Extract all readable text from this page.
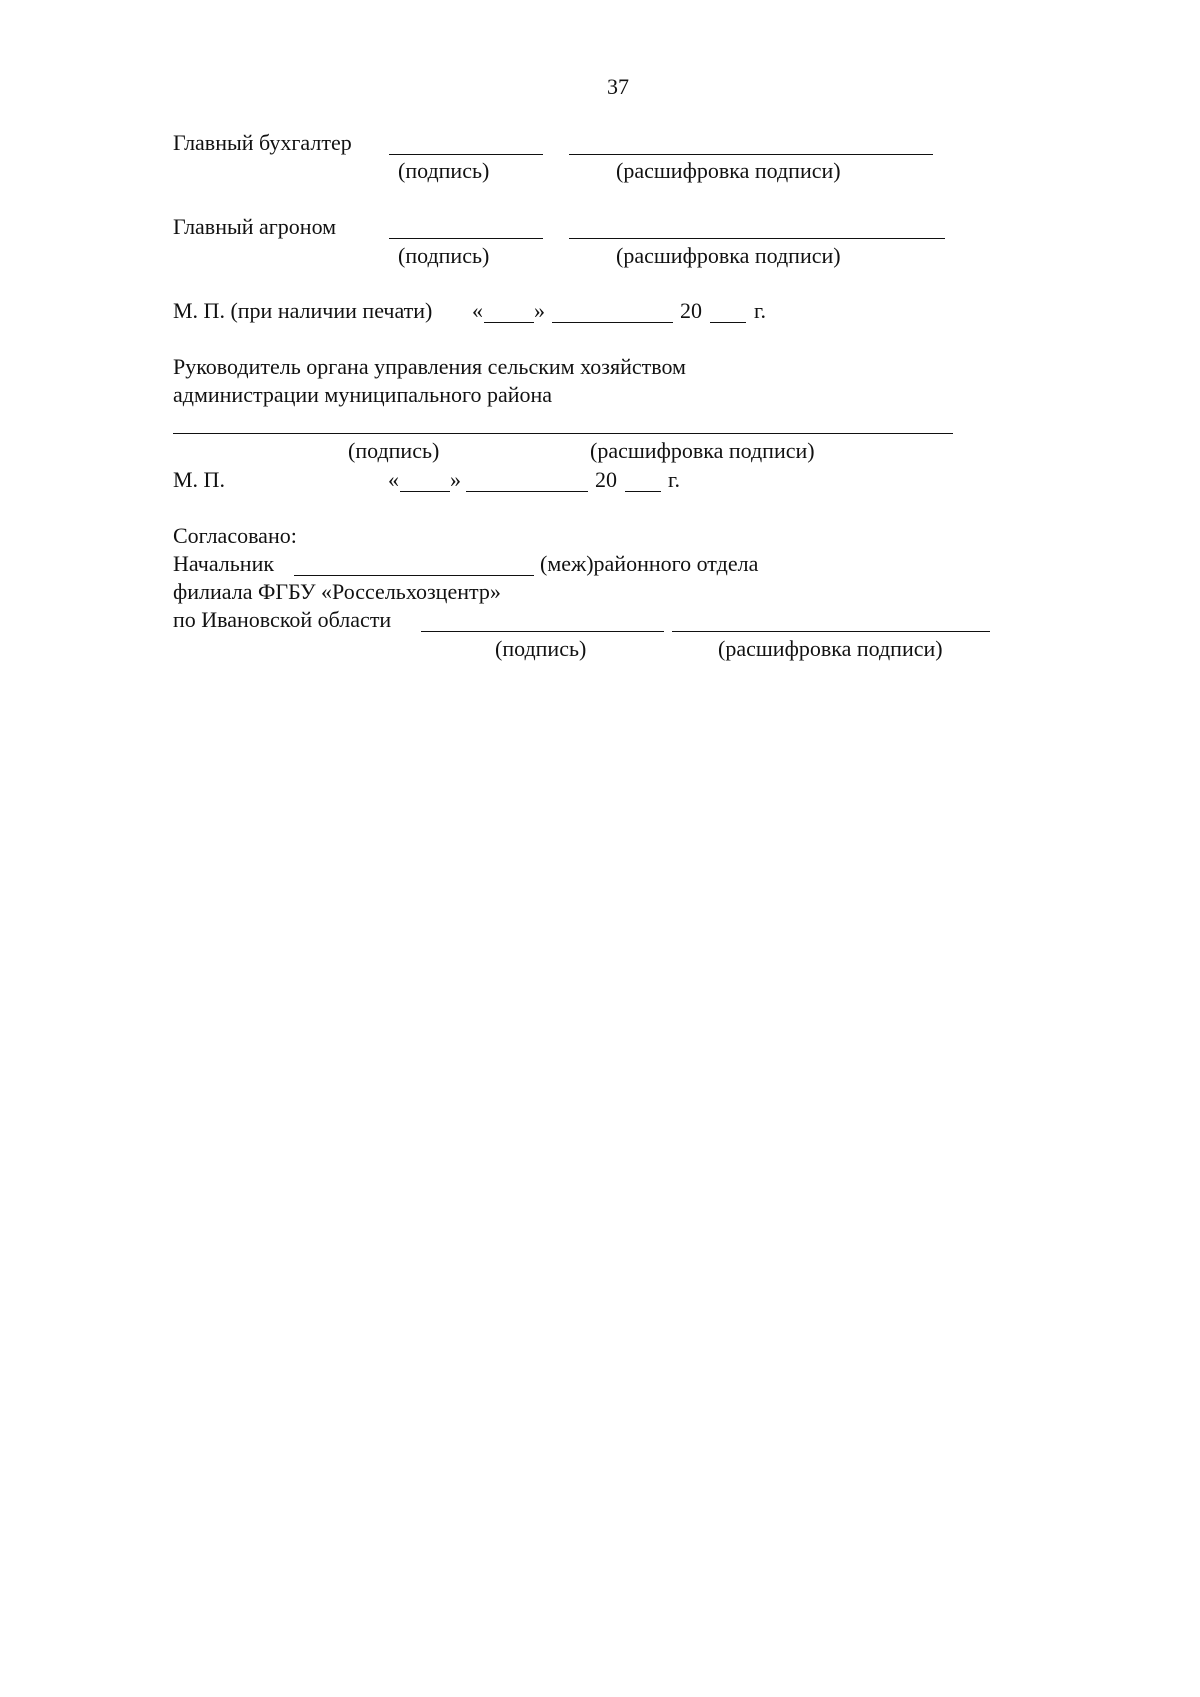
37
Главный бухгалтер
(подпись)	(расшифровка подписи)
Главный агроном
(подпись)	(расшифровка подписи)
М. П. (при наличии печати) « »	20 г.
Руководитель органа управления сельским хозяйством
администрации муниципального района
(подпись)	(расшифровка подписи)
М. П.	« »	20 г.
Согласовано:
Начальник	(меж)районного отдела
филиала ФГБУ «Россельхозцентр»
по Ивановской области
(подпись)	(расшифровка подписи)
